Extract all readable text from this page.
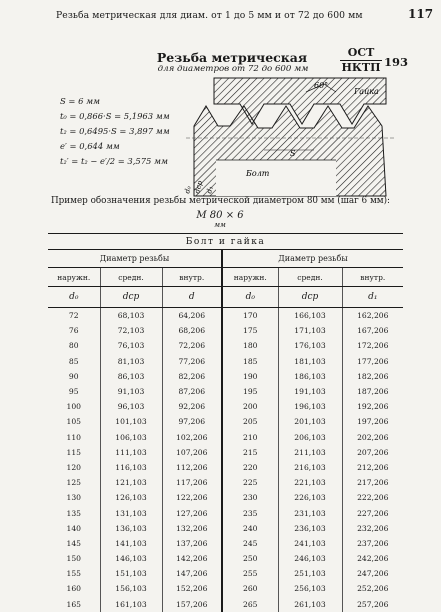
Резьба метрическая для диам. от 1 до 5 мм и от 72 до 600 мм	117
Резьба метрическая
для диаметров от 72 до 600 мм
ОСТ
НКТП 193
S = 6 мм
t₀ = 0,866·S = 5,1963 мм
t₂ = 0,6495·S = 3,897 мм
e′ = 0,644 мм
t₂′ = t₂ − e′/2 = 3,575 мм
60°
Гайка
Болт
S
d₀ dср d₁
Пример обозначения резьбы метрической диаметром 80 мм (шаг 6 мм):
М 80 × 6
мм
Болт и гайка					
Диаметр резьбы			Диаметр резьбы		
наружн.	средн.	внутр.	наружн.	средн.	внутр.
d₀	dср	d	d₀	dср	d₁
72	68,103	64,206	170	166,103	162,206
76	72,103	68,206	175	171,103	167,206
80	76,103	72,206	180	176,103	172,206
85	81,103	77,206	185	181,103	177,206
90	86,103	82,206	190	186,103	182,206
95	91,103	87,206	195	191,103	187,206
100	96,103	92,206	200	196,103	192,206
105	101,103	97,206	205	201,103	197,206
110	106,103	102,206	210	206,103	202,206
115	111,103	107,206	215	211,103	207,206
120	116,103	112,206	220	216,103	212,206
125	121,103	117,206	225	221,103	217,206
130	126,103	122,206	230	226,103	222,206
135	131,103	127,206	235	231,103	227,206
140	136,103	132,206	240	236,103	232,206
145	141,103	137,206	245	241,103	237,206
150	146,103	142,206	250	246,103	242,206
155	151,103	147,206	255	251,103	247,206
160	156,103	152,206	260	256,103	252,206
165	161,103	157,206	265	261,103	257,206
